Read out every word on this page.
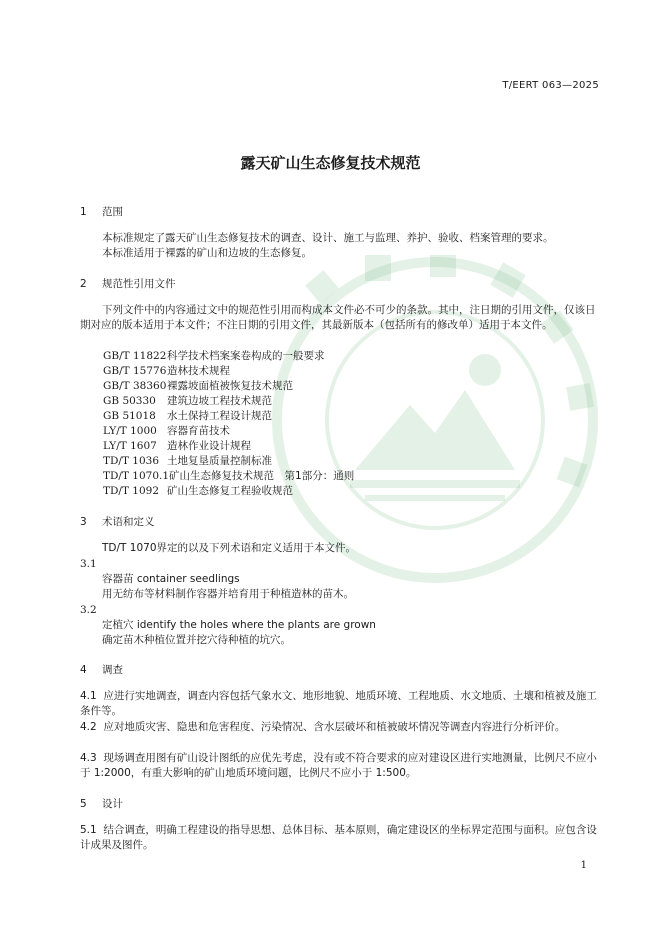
T/EERT 063—2025
露天矿山生态修复技术规范
1 范围
本标准规定了露天矿山生态修复技术的调查、设计、施工与监理、养护、验收、档案管理的要求。
本标准适用于裸露的矿山和边坡的生态修复。
2 规范性引用文件
下列文件中的内容通过文中的规范性引用而构成本文件必不可少的条款。其中，注日期的引用文件，仅该日期对应的版本适用于本文件；不注日期的引用文件，其最新版本（包括所有的修改单）适用于本文件。
GB/T 11822科学技术档案案卷构成的一般要求
GB/T 15776造林技术规程
GB/T 38360裸露坡面植被恢复技术规范
GB 50330 建筑边坡工程技术规范
GB 51018 水土保持工程设计规范
LY/T 1000 容器育苗技术
LY/T 1607 造林作业设计规程
TD/T 1036 土地复垦质量控制标准
TD/T 1070.1矿山生态修复技术规范　第1部分：通则
TD/T 1092 矿山生态修复工程验收规范
3 术语和定义
TD/T 1070界定的以及下列术语和定义适用于本文件。
3.1
容器苗 container seedlings
用无纺布等材料制作容器并培育用于种植造林的苗木。
3.2
定植穴 identify the holes where the plants are grown
确定苗木种植位置并挖穴待种植的坑穴。
4 调查
4.1 应进行实地调查，调查内容包括气象水文、地形地貌、地质环境、工程地质、水文地质、土壤和植被及施工条件等。
4.2 应对地质灾害、隐患和危害程度、污染情况、含水层破坏和植被破坏情况等调查内容进行分析评价。
4.3 现场调查用图有矿山设计图纸的应优先考虑，没有或不符合要求的应对建设区进行实地测量，比例尺不应小于 1:2000，有重大影响的矿山地质环境问题，比例尺不应小于 1:500。
5 设计
5.1 结合调查，明确工程建设的指导思想、总体目标、基本原则，确定建设区的坐标界定范围与面积。应包含设计成果及图件。
1
